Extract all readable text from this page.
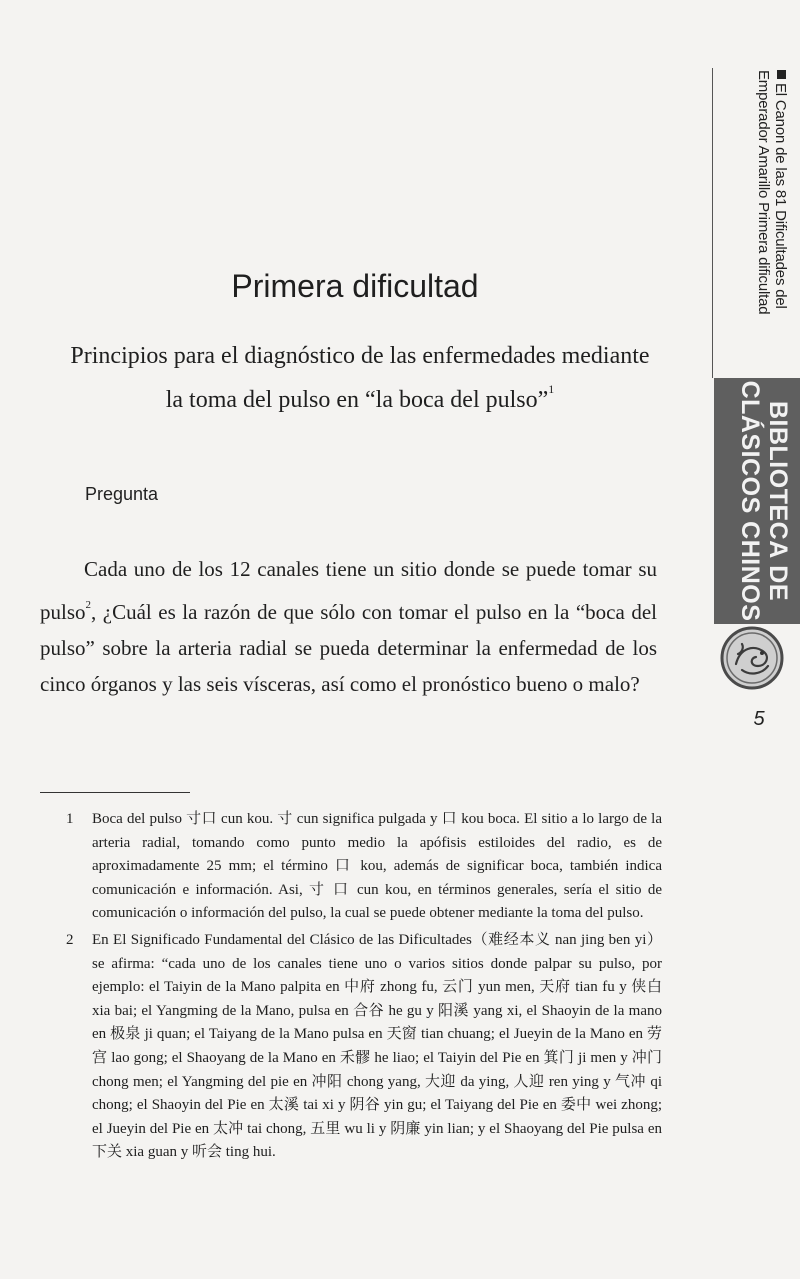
El Canon de las 81 Dificultades del Emperador Amarillo Primera dificultad
BIBLIOTECA DE
CLÁSICOS CHINOS
5
Primera dificultad
Principios para el diagnóstico de las enfermedades mediante
la toma del pulso en “la boca del pulso”$^1$
Pregunta
Cada uno de los 12 canales tiene un sitio donde se puede tomar su pulso$^2$, ¿Cuál es la razón de que sólo con tomar el pulso en la “boca del pulso” sobre la arteria radial se pueda determinar la enfermedad de los cinco órganos y las seis vísceras, así como el pronóstico bueno o malo?
1	Boca del pulso 寸口 cun kou. 寸 cun significa pulgada y 口 kou boca. El sitio a lo largo de la arteria radial, tomando como punto medio la apófisis estiloides del radio, es de aproximadamente 25 mm; el término 口 kou, además de significar boca, también indica comunicación e información. Asi, 寸 口 cun kou, en términos generales, sería el sitio de comunicación o información del pulso, la cual se puede obtener mediante la toma del pulso.
2	En El Significado Fundamental del Clásico de las Dificultades（难经本义 nan jing ben yi）se afirma: “cada uno de los canales tiene uno o varios sitios donde palpar su pulso, por ejemplo: el Taiyin de la Mano palpita en 中府 zhong fu, 云门 yun men, 天府 tian fu y 侠白 xia bai; el Yangming de la Mano, pulsa en 合谷 he gu y 阳溪 yang xi, el Shaoyin de la mano en 极泉 ji quan; el Taiyang de la Mano pulsa en 天窗 tian chuang; el Jueyin de la Mano en 劳宫 lao gong; el Shaoyang de la Mano en 禾髎 he liao; el Taiyin del Pie en 箕门 ji men y 冲门 chong men; el Yangming del pie en 冲阳 chong yang, 大迎 da ying, 人迎 ren ying y 气冲 qi chong; el Shaoyin del Pie en 太溪 tai xi y 阴谷 yin gu; el Taiyang del Pie en 委中 wei zhong; el Jueyin del Pie en 太冲 tai chong, 五里 wu li y 阴廉 yin lian; y el Shaoyang del Pie pulsa en 下关 xia guan y 听会 ting hui.
